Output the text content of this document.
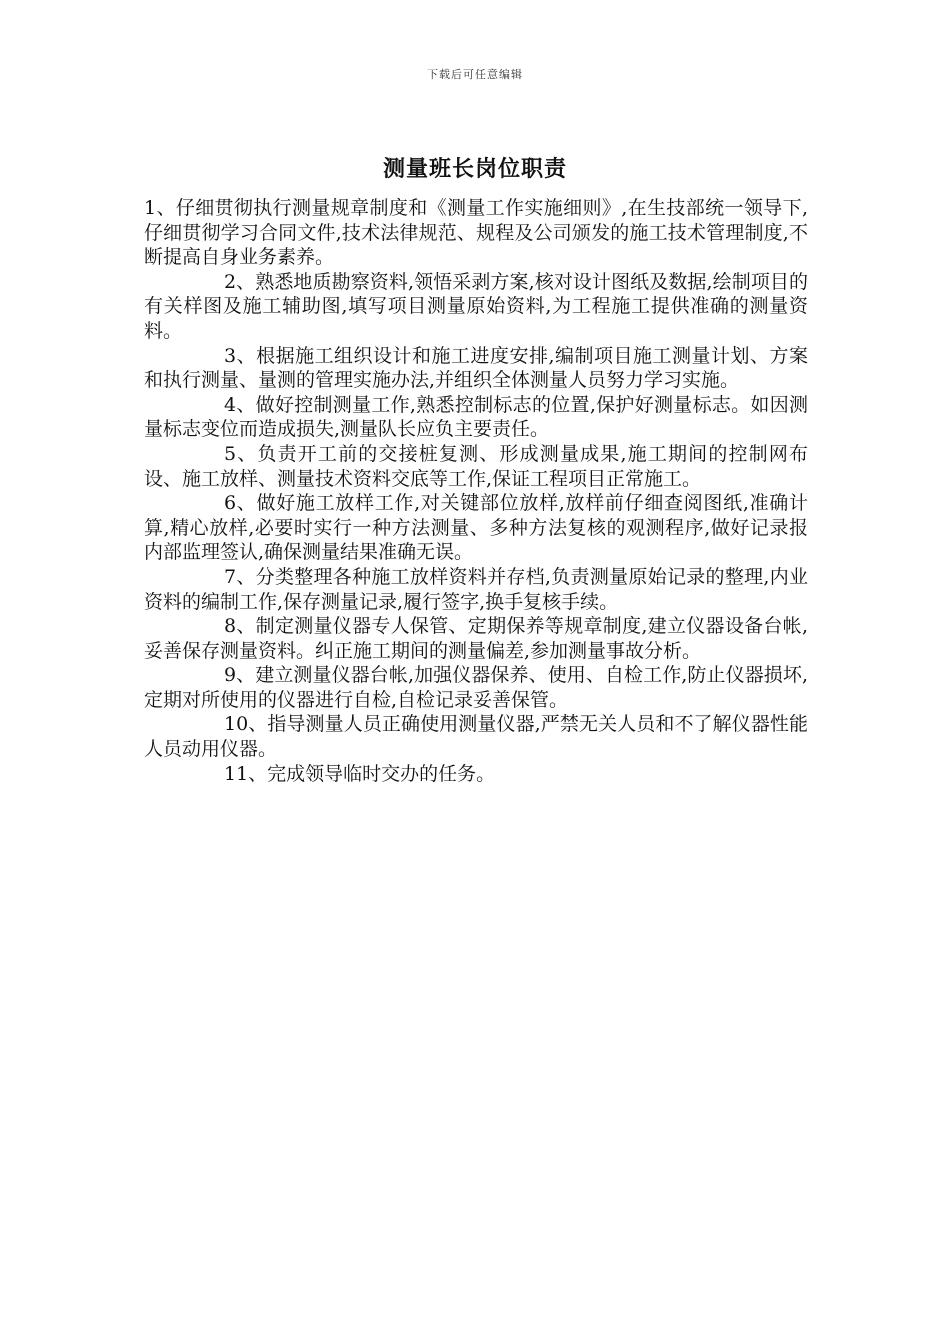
下载后可任意编辑
测量班长岗位职责

1、仔细贯彻执行测量规章制度和《测量工作实施细则》,在生技部统一领导下,仔细贯彻学习合同文件,技术法律规范、规程及公司颁发的施工技术管理制度,不断提高自身业务素养。

2、熟悉地质勘察资料,领悟采剥方案,核对设计图纸及数据,绘制项目的有关样图及施工辅助图,填写项目测量原始资料,为工程施工提供准确的测量资料。

3、根据施工组织设计和施工进度安排,编制项目施工测量计划、方案和执行测量、量测的管理实施办法,并组织全体测量人员努力学习实施。

4、做好控制测量工作,熟悉控制标志的位置,保护好测量标志。如因测量标志变位而造成损失,测量队长应负主要责任。

5、负责开工前的交接桩复测、形成测量成果,施工期间的控制网布设、施工放样、测量技术资料交底等工作,保证工程项目正常施工。

6、做好施工放样工作,对关键部位放样,放样前仔细查阅图纸,准确计算,精心放样,必要时实行一种方法测量、多种方法复核的观测程序,做好记录报内部监理签认,确保测量结果准确无误。

7、分类整理各种施工放样资料并存档,负责测量原始记录的整理,内业资料的编制工作,保存测量记录,履行签字,换手复核手续。

8、制定测量仪器专人保管、定期保养等规章制度,建立仪器设备台帐,妥善保存测量资料。纠正施工期间的测量偏差,参加测量事故分析。

9、建立测量仪器台帐,加强仪器保养、使用、自检工作,防止仪器损坏,定期对所使用的仪器进行自检,自检记录妥善保管。

10、指导测量人员正确使用测量仪器,严禁无关人员和不了解仪器性能人员动用仪器。

11、完成领导临时交办的任务。
